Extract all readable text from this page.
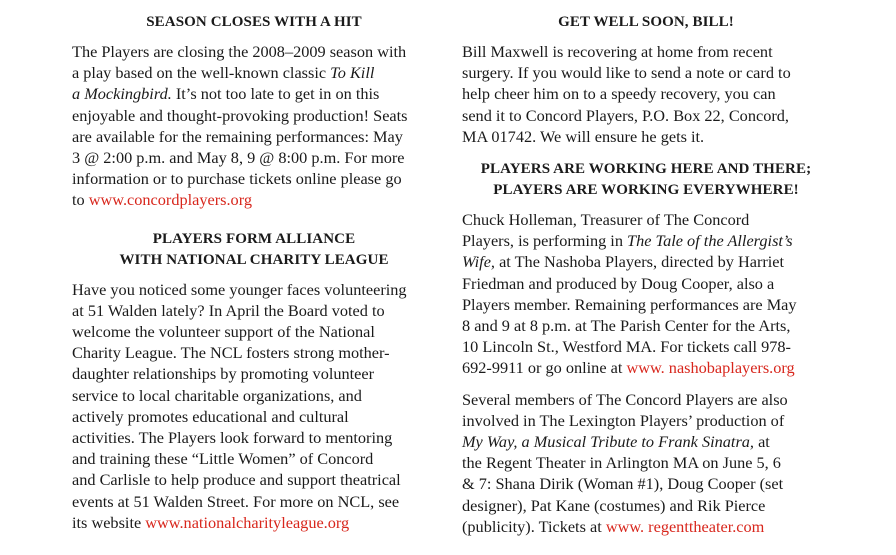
SEASON CLOSES WITH A HIT

The Players are closing the 2008–2009 season with
a play based on the well-known classic To Kill
a Mockingbird. It’s not too late to get in on this
enjoyable and thought-provoking production! Seats
are available for the remaining performances: May
3 @ 2:00 p.m. and May 8, 9 @ 8:00 p.m. For more
information or to purchase tickets online please go
to www.concordplayers.org

PLAYERS FORM ALLIANCE
WITH NATIONAL CHARITY LEAGUE

Have you noticed some younger faces volunteering
at 51 Walden lately? In April the Board voted to
welcome the volunteer support of the National
Charity League. The NCL fosters strong mother-
daughter relationships by promoting volunteer
service to local charitable organizations, and
actively promotes educational and cultural
activities. The Players look forward to mentoring
and training these “Little Women” of Concord
and Carlisle to help produce and support theatrical
events at 51 Walden Street. For more on NCL, see
its website www.nationalcharityleague.org

GET WELL SOON, BILL!

Bill Maxwell is recovering at home from recent
surgery. If you would like to send a note or card to
help cheer him on to a speedy recovery, you can
send it to Concord Players, P.O. Box 22, Concord,
MA 01742. We will ensure he gets it.

PLAYERS ARE WORKING HERE AND THERE;
PLAYERS ARE WORKING EVERYWHERE!

Chuck Holleman, Treasurer of The Concord
Players, is performing in The Tale of the Allergist’s
Wife, at The Nashoba Players, directed by Harriet
Friedman and produced by Doug Cooper, also a
Players member. Remaining performances are May
8 and 9 at 8 p.m. at The Parish Center for the Arts,
10 Lincoln St., Westford MA. For tickets call 978-
692-9911 or go online at www. nashobaplayers.org

Several members of The Concord Players are also
involved in The Lexington Players’ production of
My Way, a Musical Tribute to Frank Sinatra, at
the Regent Theater in Arlington MA on June 5, 6
& 7: Shana Dirik (Woman #1), Doug Cooper (set
designer), Pat Kane (costumes) and Rik Pierce
(publicity). Tickets at www. regenttheater.com
